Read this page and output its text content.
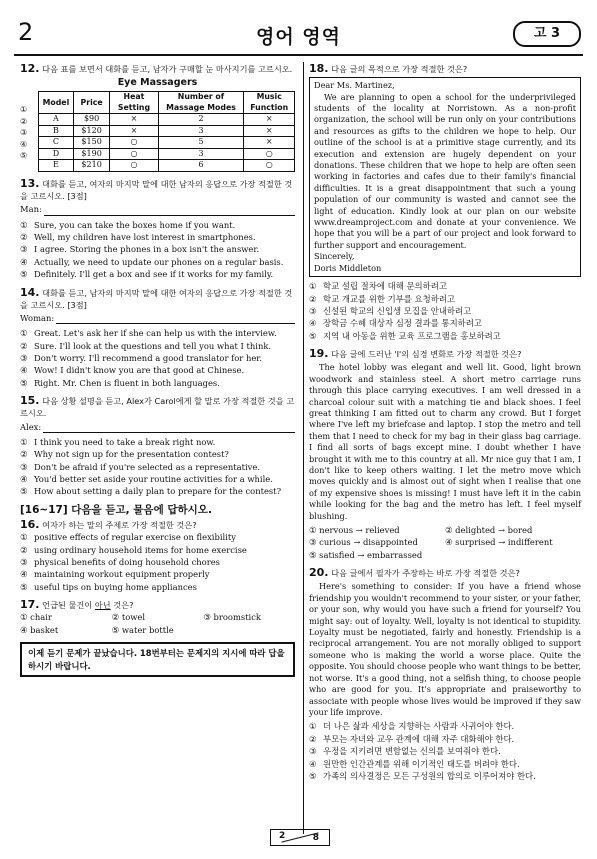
2	영어 영역	고 3
12. 다음 표를 보면서 대화를 듣고, 남자가 구매할 눈 마사지기를 고르시오.
Eye Massagers
Model	Price	Heat Setting	Number of Massage Modes	Music Function
A	$90	×	2	×
B	$120	×	3	×
C	$150	○	5	×
D	$190	○	3	○
E	$210	○	6	○
①
②
③
④
⑤
13. 대화를 듣고, 여자의 마지막 말에 대한 남자의 응답으로 가장 적절한 것을 고르시오. [3점]
Man:
① Sure, you can take the boxes home if you want.
② Well, my children have lost interest in smartphones.
③ I agree. Storing the phones in a box isn't the answer.
④ Actually, we need to update our phones on a regular basis.
⑤ Definitely. I'll get a box and see if it works for my family.
14. 대화를 듣고, 남자의 마지막 말에 대한 여자의 응답으로 가장 적절한 것을 고르시오. [3점]
Woman:
① Great. Let's ask her if she can help us with the interview.
② Sure. I'll look at the questions and tell you what I think.
③ Don't worry. I'll recommend a good translator for her.
④ Wow! I didn't know you are that good at Chinese.
⑤ Right. Mr. Chen is fluent in both languages.
15. 다음 상황 설명을 듣고, Alex가 Carol에게 할 말로 가장 적절한 것을 고르시오.
Alex:
① I think you need to take a break right now.
② Why not sign up for the presentation contest?
③ Don't be afraid if you're selected as a representative.
④ You'd better set aside your routine activities for a while.
⑤ How about setting a daily plan to prepare for the contest?
[16~17] 다음을 듣고, 물음에 답하시오.
16. 여자가 하는 말의 주제로 가장 적절한 것은?
① positive effects of regular exercise on flexibility
② using ordinary household items for home exercise
③ physical benefits of doing household chores
④ maintaining workout equipment properly
⑤ useful tips on buying home appliances
17. 언급된 물건이 아닌 것은?
① chair	② towel	③ broomstick
④ basket	⑤ water bottle
이제 듣기 문제가 끝났습니다. 18번부터는 문제지의 지시에 따라 답을 하시기 바랍니다.
18. 다음 글의 목적으로 가장 적절한 것은?
Dear Ms. Martinez,
We are planning to open a school for the underprivileged students of the locality at Norristown. As a non-profit organization, the school will be run only on your contributions and resources as gifts to the children we hope to help. Our outline of the school is at a primitive stage currently, and its execution and extension are hugely dependent on your donations. These children that we hope to help are often seen working in factories and cafes due to their family's financial difficulties. It is a great disappointment that such a young population of our community is wasted and cannot see the light of education. Kindly look at our plan on our website www.dreamproject.com and donate at your convenience. We hope that you will be a part of our project and look forward to further support and encouragement.
Sincerely,
Doris Middleton
① 학교 설립 절차에 대해 문의하려고
② 학교 개교를 위한 기부를 요청하려고
③ 신설된 학교의 신입생 모집을 안내하려고
④ 장학금 수혜 대상자 심정 결과를 통지하려고
⑤ 지역 내 아동을 위한 교육 프로그램을 홍보하려고
19. 다음 글에 드러난 'I'의 심경 변화로 가장 적절한 것은?
The hotel lobby was elegant and well lit. Good, light brown woodwork and stainless steel. A short metro carriage runs through this place carrying executives. I am well dressed in a charcoal colour suit with a matching tie and black shoes. I feel great thinking I am fitted out to charm any crowd. But I forget where I've left my briefcase and laptop. I stop the metro and tell them that I need to check for my bag in their glass bag carriage. I find all sorts of bags except mine. I doubt whether I have brought it with me to this country at all. Mr nice guy that I am, I don't like to keep others waiting. I let the metro move which moves quickly and is almost out of sight when I realise that one of my expensive shoes is missing! I must have left it in the cabin while looking for the bag and the metro has left. I feel myself blushing.
① nervous → relieved	② delighted → bored
③ curious → disappointed	④ surprised → indifferent
⑤ satisfied → embarrassed
20. 다음 글에서 필자가 주장하는 바로 가장 적절한 것은?
Here's something to consider: If you have a friend whose friendship you wouldn't recommend to your sister, or your father, or your son, why would you have such a friend for yourself? You might say: out of loyalty. Well, loyalty is not identical to stupidity. Loyalty must be negotiated, fairly and honestly. Friendship is a reciprocal arrangement. You are not morally obliged to support someone who is making the world a worse place. Quite the opposite. You should choose people who want things to be better, not worse. It's a good thing, not a selfish thing, to choose people who are good for you. It's appropriate and praiseworthy to associate with people whose lives would be improved if they saw your life improve.
① 더 나은 삶과 세상을 지향하는 사람과 사귀어야 한다.
② 부모는 자녀와 교우 관계에 대해 자주 대화해야 한다.
③ 우정을 지키려면 변함없는 신의를 보여줘야 한다.
④ 원만한 인간관계를 위해 이기적인 태도를 버려야 한다.
⑤ 가족의 의사결정은 모든 구성원의 합의로 이루어져야 한다.
2	8
